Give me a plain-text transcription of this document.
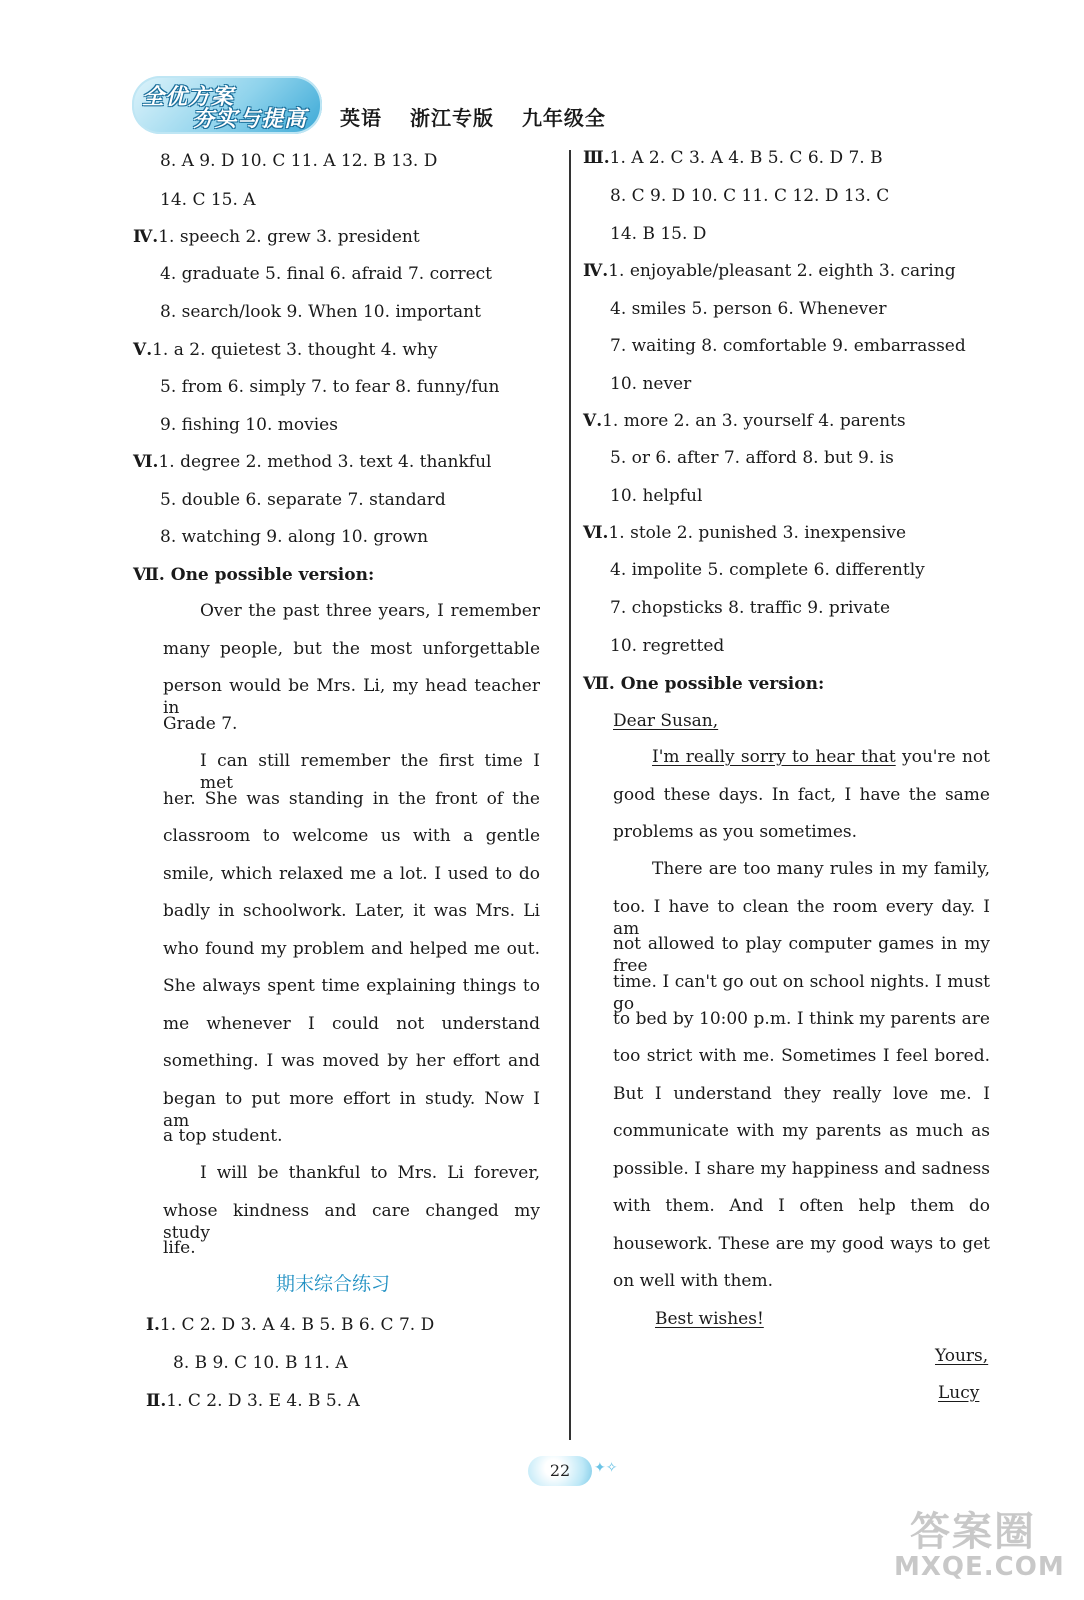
全优方案
夯实与提高 英语 浙江专版 九年级全
8. A 9. D 10. C 11. A 12. B 13. D
14. C 15. A
Ⅳ.1. speech 2. grew 3. president
4. graduate 5. final 6. afraid 7. correct
8. search/look 9. When 10. important
Ⅴ.1. a 2. quietest 3. thought 4. why
5. from 6. simply 7. to fear 8. funny/fun
9. fishing 10. movies
Ⅵ.1. degree 2. method 3. text 4. thankful
5. double 6. separate 7. standard
8. watching 9. along 10. grown
Ⅶ. One possible version:
Over the past three years, I remember
many people, but the most unforgettable
person would be Mrs. Li, my head teacher in
Grade 7.
I can still remember the first time I met
her. She was standing in the front of the
classroom to welcome us with a gentle
smile, which relaxed me a lot. I used to do
badly in schoolwork. Later, it was Mrs. Li
who found my problem and helped me out.
She always spent time explaining things to
me whenever I could not understand
something. I was moved by her effort and
began to put more effort in study. Now I am
a top student.
I will be thankful to Mrs. Li forever,
whose kindness and care changed my study
life.
期末综合练习
Ⅰ.1. C 2. D 3. A 4. B 5. B 6. C 7. D
8. B 9. C 10. B 11. A
Ⅱ.1. C 2. D 3. E 4. B 5. A
Ⅲ.1. A 2. C 3. A 4. B 5. C 6. D 7. B
8. C 9. D 10. C 11. C 12. D 13. C
14. B 15. D
Ⅳ.1. enjoyable/pleasant 2. eighth 3. caring
4. smiles 5. person 6. Whenever
7. waiting 8. comfortable 9. embarrassed
10. never
Ⅴ.1. more 2. an 3. yourself 4. parents
5. or 6. after 7. afford 8. but 9. is
10. helpful
Ⅵ.1. stole 2. punished 3. inexpensive
4. impolite 5. complete 6. differently
7. chopsticks 8. traffic 9. private
10. regretted
Ⅶ. One possible version:
Dear Susan,
I'm really sorry to hear that you're not
good these days. In fact, I have the same
problems as you sometimes.
There are too many rules in my family,
too. I have to clean the room every day. I am
not allowed to play computer games in my free
time. I can't go out on school nights. I must go
to bed by 10:00 p.m. I think my parents are
too strict with me. Sometimes I feel bored.
But I understand they really love me. I
communicate with my parents as much as
possible. I share my happiness and sadness
with them. And I often help them do
housework. These are my good ways to get
on well with them.
Best wishes!
Yours,
Lucy
22	✦✧
答案圈
MXQE.COM
